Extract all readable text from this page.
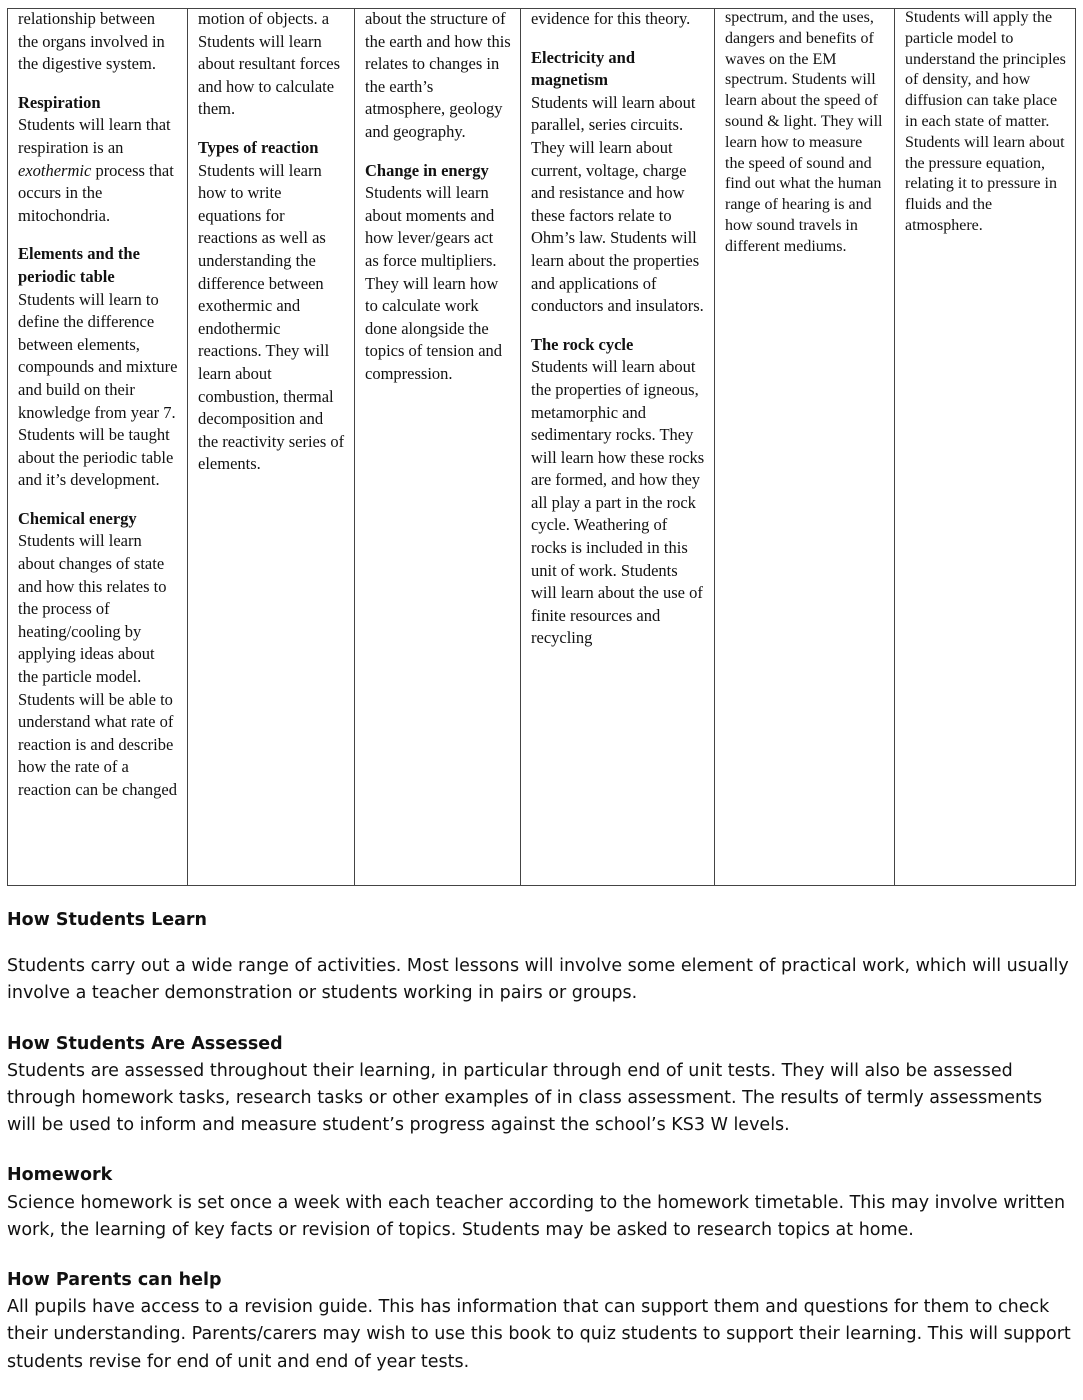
relationship between the organs involved in the digestive system.
Respiration
Students will learn that respiration is an exothermic process that occurs in the mitochondria.
Elements and the periodic table
Students will learn to define the difference between elements, compounds and mixture and build on their knowledge from year 7. Students will be taught about the periodic table and it’s development.
Chemical energy
Students will learn about changes of state and how this relates to the process of heating/cooling by applying ideas about the particle model. Students will be able to understand what rate of reaction is and describe how the rate of a reaction can be changed

motion of objects. a Students will learn about resultant forces and how to calculate them.
Types of reaction
Students will learn how to write equations for reactions as well as understanding the difference between exothermic and endothermic reactions. They will learn about combustion, thermal decomposition and the reactivity series of elements.

about the structure of the earth and how this relates to changes in the earth’s atmosphere, geology and geography.
Change in energy
Students will learn about moments and how lever/gears act as force multipliers. They will learn how to calculate work done alongside the topics of tension and compression.

evidence for this theory.
Electricity and magnetism
Students will learn about parallel, series circuits. They will learn about current, voltage, charge and resistance and how these factors relate to Ohm’s law. Students will learn about the properties and applications of conductors and insulators.
The rock cycle
Students will learn about the properties of igneous, metamorphic and sedimentary rocks. They will learn how these rocks are formed, and how they all play a part in the rock cycle. Weathering of rocks is included in this unit of work. Students will learn about the use of finite resources and recycling

spectrum, and the uses, dangers and benefits of waves on the EM spectrum. Students will learn about the speed of sound & light. They will learn how to measure the speed of sound and find out what the human range of hearing is and how sound travels in different mediums.

Students will apply the particle model to understand the principles of density, and how diffusion can take place in each state of matter. Students will learn about the pressure equation, relating it to pressure in fluids and the atmosphere.
How Students Learn
Students carry out a wide range of activities. Most lessons will involve some element of practical work, which will usually involve a teacher demonstration or students working in pairs or groups.
How Students Are Assessed
Students are assessed throughout their learning, in particular through end of unit tests. They will also be assessed through homework tasks, research tasks or other examples of in class assessment. The results of termly assessments will be used to inform and measure student’s progress against the school’s KS3 W levels.
Homework
Science homework is set once a week with each teacher according to the homework timetable. This may involve written work, the learning of key facts or revision of topics. Students may be asked to research topics at home.
How Parents can help
All pupils have access to a revision guide. This has information that can support them and questions for them to check their understanding. Parents/carers may wish to use this book to quiz students to support their learning. This will support students revise for end of unit and end of year tests.
